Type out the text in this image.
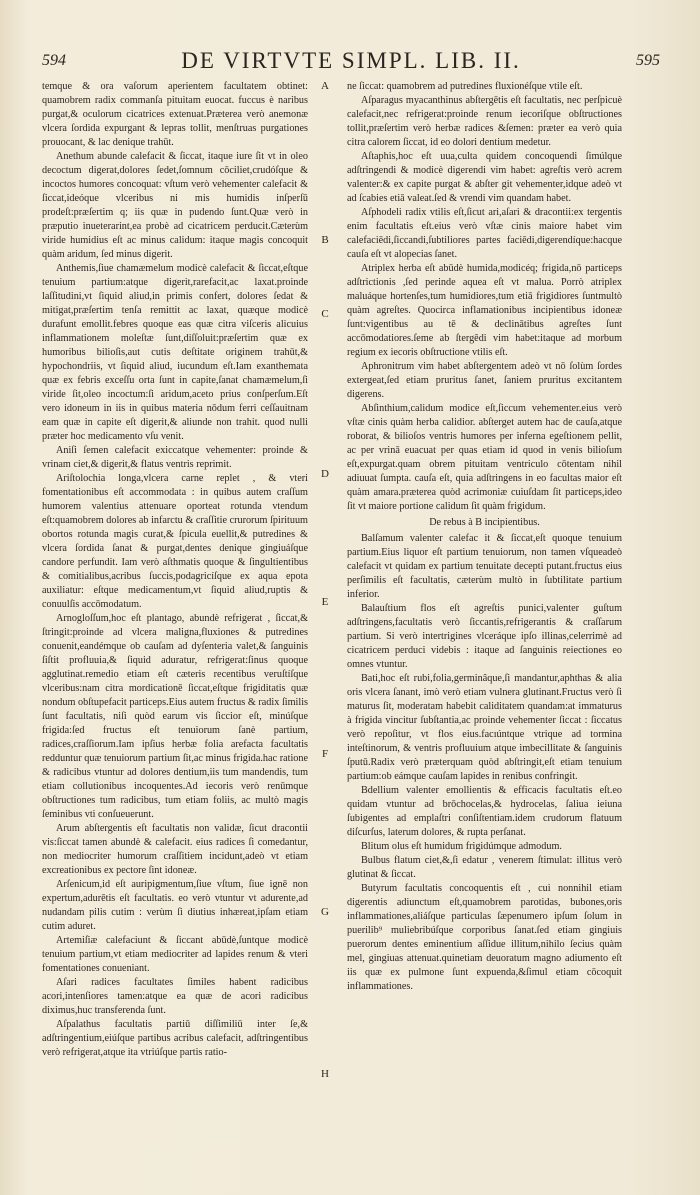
594	DE VIRTVTE SIMPL. LIB. II.	595

temque & ora vaſorum aperientem facultatem obtinet: quamobrem radix commanſa pituitam euocat. fuccus è naribus purgat,& oculorum cicatrices extenuat.Præterea verò anemonæ vlcera ſordida expurgant & lepras tollit, menſtruas purgationes prouocant, & lac denique trahūt.

Anethum abunde calefacit & ſiccat, itaque iure ſit vt in oleo decoctum digerat,dolores ſedet,ſomnum cōciliet,crudóſque & incoctos humores concoquat: vſtum verò vehementer calefacit & ſiccat,ideóque vlceribus ni mis humidis inſperſū prodeſt:præſertim q; iis quæ in pudendo ſunt.Quæ verò in præputio inueterarint,ea probè ad cicatricem perducit.Cæterùm viride humidius eſt ac minus calidum: itaque magis concoquit quàm aridum, ſed minus digerit.

Anthemis,ſiue chamæmelum modicè calefacit & ſiccat,eſtque tenuium partium:atque digerit,rarefacit,ac laxat.proinde laſſitudini,vt ſiquid aliud,in primis confert, dolores ſedat & mitigat,præſertim tenſa remittit ac laxat, quæque modicè durafunt emollit.febres quoque eas quæ citra viſceris alicuius inflammationem moleſtæ ſunt,diſſoluit:præſertim quæ ex humoribus bilioſis,aut cutis deſtitate originem trahūt,& hypochondriis, vt ſiquid aliud, iucundum eſt.Iam exanthemata quæ ex febris exceſſu orta ſunt in capite,ſanat chamæmelum,ſi viride ſit,oleo incoctum:ſi aridum,aceto prius conſperſum.Eſt vero idoneum in iis in quibus materia nōdum ferri ceſſauitnam eam quæ in capite eſt digerit,& aliunde non trahit. quod nulli præter hoc medicamento vſu venit.

Aniſi ſemen calefacit exiccatque vehementer: proinde & vrinam ciet,& digerit,& flatus ventris reprimit.

Ariſtolochia longa,vlcera carne replet , & vteri fomentationibus eſt accommodata : in quibus autem craſſum humorem valentius attenuare oporteat rotunda vtendum eſt:quamobrem dolores ab infarctu & craſſitie crurorum ſpirituum obortos rotunda magis curat,& ſpicula euellit,& putredines & vlcera ſordida ſanat & purgat,dentes denique gingiuáſque candore perfundit. Iam verò aſthmatis quoque & ſingultientibus & comitialibus,acribus ſuccis,podagricíſque ex aqua epota auxiliatur: eſtque medicamentum,vt ſiquid aliud,ruptis & conuulſis accōmodatum.

Arnogloſſum,hoc eſt plantago, abundè refrigerat , ſiccat,& ſtringit:proinde ad vlcera maligna,fluxiones & putredines conuenit,eandémque ob cauſam ad dyſenteria valet,& ſanguinis ſiſtit profluuia,& ſiquid aduratur, refrigerat:ſinus quoque agglutinat.remedio etiam eſt cæteris recentibus veruſtíſque vlceribus:nam citra mordicationē ſiccat,eſtque frigiditatis quæ nondum obſtupefacit particeps.Eius autem fructus & radix ſimilis ſunt facultatis, niſi quòd earum vis ſiccior eſt, minúſque frigida:ſed fructus eſt tenuiorum ſanè partium, radices,craſſiorum.Iam ipſius herbæ folia arefacta facultatis redduntur quæ tenuiorum partium ſit,ac minus frigida.hac ratione & radicibus vtuntur ad dolores dentium,iis tum mandendis, tum etiam collutionibus incoquentes.Ad iecoris verò renūmque obſtructiones tum radicibus, tum etiam foliis, ac multò magis ſeminibus vti conſueuerunt.

Arum abſtergentis eſt facultatis non validæ, ſicut dracontii vis:ſiccat tamen abundè & calefacit. eius radices ſi comedantur, non mediocriter humorum craſſitiem incidunt,adeò vt etiam excreationibus ex pectore ſint idoneæ.

Arſenicum,id eſt auripigmentum,ſiue vſtum, ſiue ignē non expertum,adurētis eſt facultatis. eo verò vtuntur vt adurente,ad nudandam pilis cutim : verùm ſi diutius inhæreat,ipſam etiam cutim aduret.

Artemiſiæ calefaciunt & ſiccant abūdè,ſuntque modicè tenuium partium,vt etiam mediocriter ad lapides renum & vteri fomentationes conueniant.

Aſari radices facultates ſimiles habent radicibus acori,intenſiores tamen:atque ea quæ de acori radicibus diximus,huc transferenda ſunt.

Aſpalathus facultatis partiū diſſimiliū inter ſe,& adſtringentium,eiúſque partibus acribus calefacit, adſtringentibus verò refrigerat,atque ita vtriúſque partis ratio-

A
B
C
D
E
F
G
H

ne ſiccat: quamobrem ad putredines fluxionéſque vtile eſt.

Aſparagus myacanthinus abſtergētis eſt facultatis, nec perſpicuè calefacit,nec refrigerat:proinde renum iecoriſque obſtructiones tollit,præſertim verò herbæ radices &ſemen: præter ea verò quia citra calorem ſiccat, id eo dolori dentium medetur.

Aſtaphis,hoc eſt uua,culta quidem concoquendi ſimúlque adſtringendi & modicè digerendi vim habet: agreſtis verò acrem valenter:& ex capite purgat & abſter git vehementer,idque adeò vt ad ſcabies etiā valeat.ſed & vrendi vim quandam habet.

Aſphodeli radix vtilis eſt,ſicut ari,aſari & dracontii:ex tergentis enim facultatis eſt.eius verò vſtæ cinis maiore habet vim calefaciēdi,ſiccandi,ſubtiliores partes faciēdi,digerendíque:hacque cauſa eſt vt alopecias ſanet.

Atriplex herba eſt abūdè humida,modicéq; frigida,nō particeps adſtrictionis ,ſed perinde aquea eſt vt malua. Porrò atriplex maluáque hortenſes,tum humidiores,tum etiā frigidiores ſuntmultò quàm agreſtes. Quocirca inflamationibus incipientibus idoneæ ſunt:vigentibus au tē & declinātibus agreſtes ſunt accōmodatiores.ſeme ab ſtergēdi vim habet:itaque ad morbum regium ex iecoris obſtructione vtilis eſt.

Aphronitrum vim habet abſtergentem adeò vt nō ſolùm ſordes extergeat,ſed etiam pruritus ſanet, ſaniem pruritus excitantem digerens.

Abſinthium,calidum modice eſt,ſiccum vehementer.eius verò vſtæ cinis quàm herba calidior. abſterget autem hac de cauſa,atque roborat, & bilioſos ventris humores per inferna egeſtionem pellit, ac per vrinā euacuat per quas etiam id quod in venis bilioſum eſt,expurgat.quam obrem pituitam ventriculo cōtentam nihil adiuuat ſumpta. cauſa eſt, quia adſtringens in eo facultas maior eſt quàm amara.præterea quòd acrimoniæ cuiuſdam ſit particeps,ideo ſit vt maiore portione calidum ſit quàm frigidum.

De rebus à B incipientibus.

Balſamum valenter calefac it & ſiccat,eſt quoque tenuium partium.Eius liquor eſt partium tenuiorum, non tamen vſqueadeò calefacit vt quidam ex partium tenuitate decepti putant.fructus eius perſimilis eſt facultatis, cæterùm multò in ſubtilitate partium inferior.

Balauſtium flos eſt agreſtis punici,valenter guſtum adſtringens,facultatis verò ſiccantis,refrigerantis & craſſarum partium. Si verò intertrigines vlceráque ipſo illinas,celerrimè ad cicatricem perduci videbis : itaque ad ſanguinis reiectiones eo omnes vtuntur.

Bati,hoc eſt rubi,folia,germinâque,ſi mandantur,aphthas & alia oris vlcera ſanant, imò verò etiam vulnera glutinant.Fructus verò ſi maturus ſit, moderatam habebit caliditatem quandam:at immaturus à frigida vincitur ſubſtantia,ac proinde vehementer ſiccat : ſiccatus verò repoſitur, vt flos eius.facıúntque vtrique ad tormina inteſtinorum, & ventris profluuium atque imbecillitate & ſanguinis ſputū.Radix verò præterquam quòd abſtringit,eſt etiam tenuium partium:ob eámque cauſam lapides in renibus confringit.

Bdellium valenter emollientis & efficacis facultatis eſt.eo quidam vtuntur ad brōchocelas,& hydrocelas, ſaliua ieiuna ſubigentes ad emplaſtri conſiſtentiam.idem crudorum flatuum diſcurſus, laterum dolores, & rupta perſanat.

Blitum olus eſt humidum frigidúmque admodum.

Bulbus flatum ciet,&,ſi edatur , venerem ſtimulat: illitus verò glutinat & ſiccat.

Butyrum facultatis concoquentis eſt , cui nonnihil etiam digerentis adiunctum eſt,quamobrem parotidas, bubones,oris inflammationes,aliáſque particulas ſæpenumero ipſum ſolum in puerilib⁹ muliebribúſque corporibus ſanat.ſed etiam gingiuis puerorum dentes eminentium aſſidue illitum,nihilo ſecius quàm mel, gingiuas attenuat.quinetiam deuoratum magno adiumento eſt iis quæ ex pulmone ſunt expuenda,&ſimul etiam cōcoquit inflammationes.
